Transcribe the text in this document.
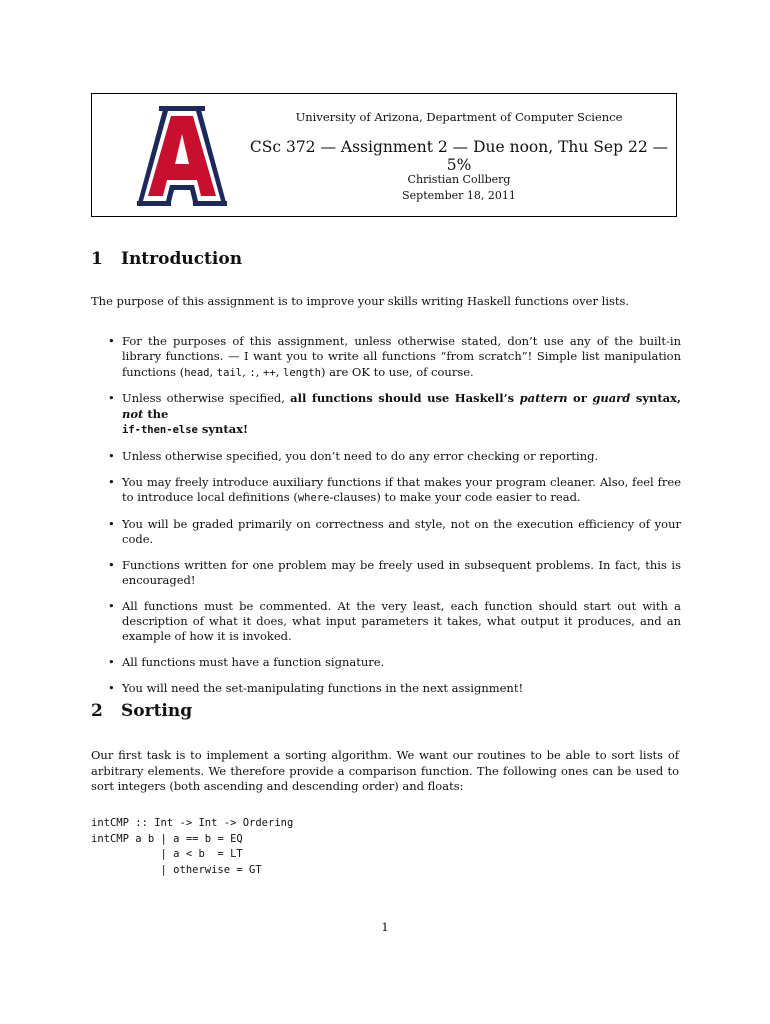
University of Arizona, Department of Computer Science
CSc 372 — Assignment 2 — Due noon, Thu Sep 22 — 5%
Christian Collberg
September 18, 2011
1 Introduction
The purpose of this assignment is to improve your skills writing Haskell functions over lists.
• For the purposes of this assignment, unless otherwise stated, don’t use any of the built-in library functions. — I want you to write all functions “from scratch”! Simple list manipulation functions (head, tail, :, ++, length) are OK to use, of course.
• Unless otherwise specified, all functions should use Haskell’s pattern or guard syntax, not the
if-then-else syntax!
• Unless otherwise specified, you don’t need to do any error checking or reporting.
• You may freely introduce auxiliary functions if that makes your program cleaner. Also, feel free to introduce local definitions (where-clauses) to make your code easier to read.
• You will be graded primarily on correctness and style, not on the execution efficiency of your code.
• Functions written for one problem may be freely used in subsequent problems. In fact, this is encouraged!
• All functions must be commented. At the very least, each function should start out with a description of what it does, what input parameters it takes, what output it produces, and an example of how it is invoked.
• All functions must have a function signature.
• You will need the set-manipulating functions in the next assignment!
2 Sorting
Our first task is to implement a sorting algorithm. We want our routines to be able to sort lists of arbitrary elements. We therefore provide a comparison function. The following ones can be used to sort integers (both ascending and descending order) and floats:
intCMP :: Int -> Int -> Ordering
intCMP a b | a == b = EQ
| a < b  = LT
| otherwise = GT
1
